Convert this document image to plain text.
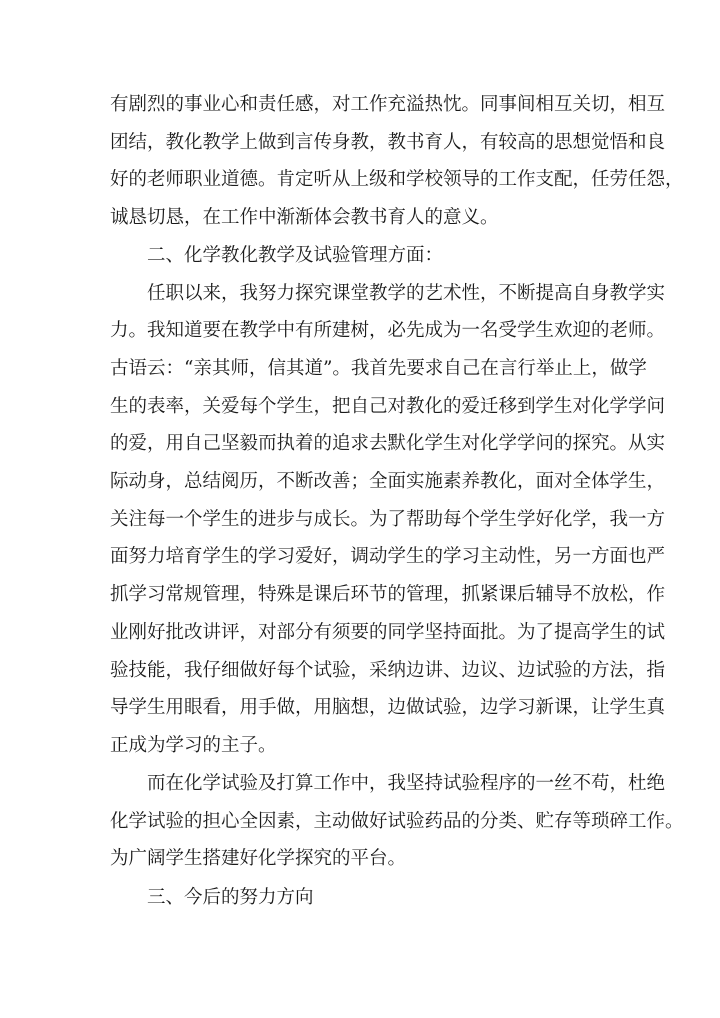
有剧烈的事业心和责任感，对工作充溢热忱。同事间相互关切，相互
团结，教化教学上做到言传身教，教书育人，有较高的思想觉悟和良
好的老师职业道德。肯定听从上级和学校领导的工作支配，任劳任怨，
诚恳切恳，在工作中渐渐体会教书育人的意义。
二、化学教化教学及试验管理方面：
任职以来，我努力探究课堂教学的艺术性，不断提高自身教学实
力。我知道要在教学中有所建树，必先成为一名受学生欢迎的老师。
古语云：“亲其师，信其道”。我首先要求自己在言行举止上，做学
生的表率，关爱每个学生，把自己对教化的爱迁移到学生对化学学问
的爱，用自己坚毅而执着的追求去默化学生对化学学问的探究。从实
际动身，总结阅历，不断改善；全面实施素养教化，面对全体学生，
关注每一个学生的进步与成长。为了帮助每个学生学好化学，我一方
面努力培育学生的学习爱好，调动学生的学习主动性，另一方面也严
抓学习常规管理，特殊是课后环节的管理，抓紧课后辅导不放松，作
业刚好批改讲评，对部分有须要的同学坚持面批。为了提高学生的试
验技能，我仔细做好每个试验，采纳边讲、边议、边试验的方法，指
导学生用眼看，用手做，用脑想，边做试验，边学习新课，让学生真
正成为学习的主子。
而在化学试验及打算工作中，我坚持试验程序的一丝不苟，杜绝
化学试验的担心全因素，主动做好试验药品的分类、贮存等琐碎工作。
为广阔学生搭建好化学探究的平台。
三、今后的努力方向
